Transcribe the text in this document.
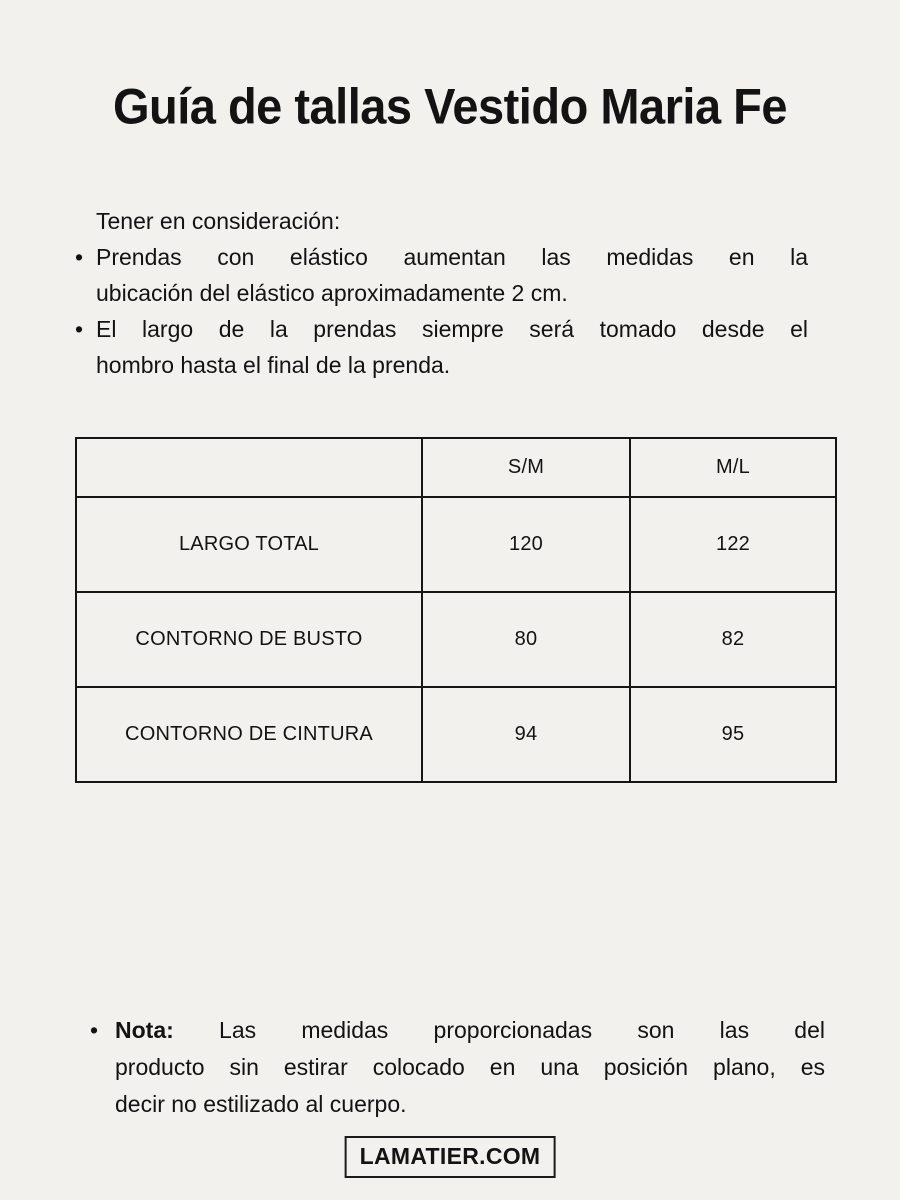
Guía de tallas Vestido Maria Fe
Tener en consideración:
• Prendas con elástico aumentan las medidas en la
ubicación del elástico aproximadamente 2 cm.
• El largo de la prendas siempre será tomado desde el
hombro hasta el final de la prenda.
	S/M	M/L
LARGO TOTAL	120	122
CONTORNO DE BUSTO	80	82
CONTORNO DE CINTURA	94	95
• Nota: Las medidas proporcionadas son las del
producto sin estirar colocado en una posición plano, es
decir no estilizado al cuerpo.
LAMATIER.COM
